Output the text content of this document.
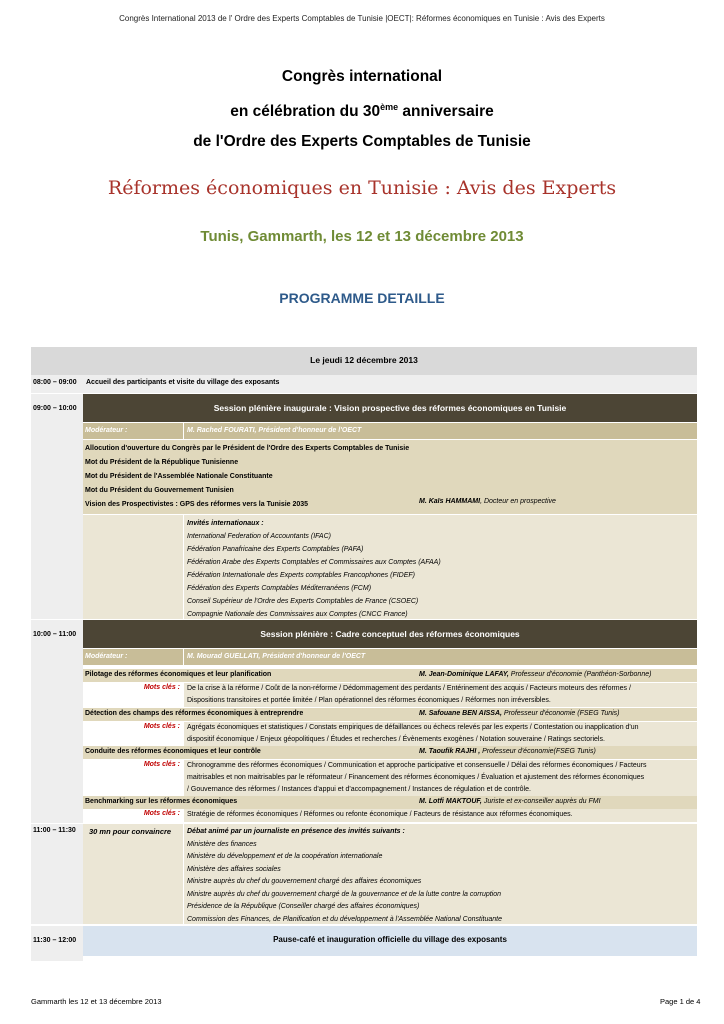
Congrès International 2013 de l' Ordre des Experts Comptables de Tunisie |OECT|: Réformes économiques en Tunisie : Avis des Experts
Congrès international
en célébration du 30ème anniversaire
de l'Ordre des Experts Comptables de Tunisie
Réformes économiques en Tunisie : Avis des Experts
Tunis, Gammarth, les 12 et 13 décembre 2013
PROGRAMME DETAILLE
Le jeudi 12 décembre 2013
08:00 – 09:00 Accueil des participants et visite du village des exposants
09:00 – 10:00	Session plénière inaugurale : Vision prospective des réformes économiques en Tunisie
Modérateur :	M. Rached FOURATI, Président d'honneur de l'OECT
Allocution d'ouverture du Congrès par le Président de l'Ordre des Experts Comptables de Tunisie
Mot du Président de la République Tunisienne
Mot du Président de l'Assemblée Nationale Constituante
Mot du Président du Gouvernement Tunisien
Vision des Prospectivistes : GPS des réformes vers la Tunisie 2035	M. Kaïs HAMMAMI, Docteur en prospective
Invités internationaux :
International Federation of Accountants (IFAC)
Fédération Panafricaine des Experts Comptables (PAFA)
Fédération Arabe des Experts Comptables et Commissaires aux Comptes (AFAA)
Fédération Internationale des Experts comptables Francophones (FIDEF)
Fédération des Experts Comptables Méditerranéens (FCM)
Conseil Supérieur de l'Ordre des Experts Comptables de France (CSOEC)
Compagnie Nationale des Commissaires aux Comptes (CNCC France)
10:00 – 11:00	Session plénière : Cadre conceptuel des réformes économiques
Modérateur :	M. Mourad GUELLATI, Président d'honneur de l'OECT
Pilotage des réformes économiques et leur planification	M. Jean-Dominique LAFAY, Professeur d'économie (Panthéon-Sorbonne)
Mots clés : De la crise à la réforme / Coût de la non-réforme / Dédommagement des perdants / Entérinement des acquis / Facteurs moteurs des réformes /
Dispositions transitoires et portée limitée / Plan opérationnel des réformes économiques / Réformes non irréversibles.
Détection des champs des réformes économiques à entreprendre	M. Safouane BEN AISSA, Professeur d'économie (FSEG Tunis)
Mots clés : Agrégats économiques et statistiques / Constats empiriques de défaillances ou échecs relevés par les experts / Contestation ou inapplication d'un
dispositif économique / Enjeux géopolitiques / Études et recherches / Évènements exogènes / Notation souveraine / Ratings sectoriels.
Conduite des réformes économiques et leur contrôle	M. Taoufik RAJHI , Professeur d'économie(FSEG Tunis)
Mots clés : Chronogramme des réformes économiques / Communication et approche participative et consensuelle / Délai des réformes économiques / Facteurs
maitrisables et non maitrisables par le réformateur / Financement des réformes économiques / Évaluation et ajustement des réformes économiques
/ Gouvernance des réformes / Instances d'appui et d'accompagnement / Instances de régulation et de contrôle.
Benchmarking sur les réformes économiques	M. Lotfi MAKTOUF, Juriste et ex-conseiller auprès du FMI
Mots clés : Stratégie de réformes économiques / Réformes ou refonte économique / Facteurs de résistance aux réformes économiques.
11:00 – 11:30 30 mn pour convaincre Débat animé par un journaliste en présence des invités suivants :
Ministère des finances
Ministère du développement et de la coopération internationale
Ministère des affaires sociales
Ministre auprès du chef du gouvernement chargé des affaires économiques
Ministre auprès du chef du gouvernement chargé de la gouvernance et de la lutte contre la corruption
Présidence de la République (Conseiller chargé des affaires économiques)
Commission des Finances, de Planification et du développement à l'Assemblée National Constituante
11:30 – 12:00	Pause-café et inauguration officielle du village des exposants
Gammarth les 12 et 13 décembre 2013	Page 1 de 4
